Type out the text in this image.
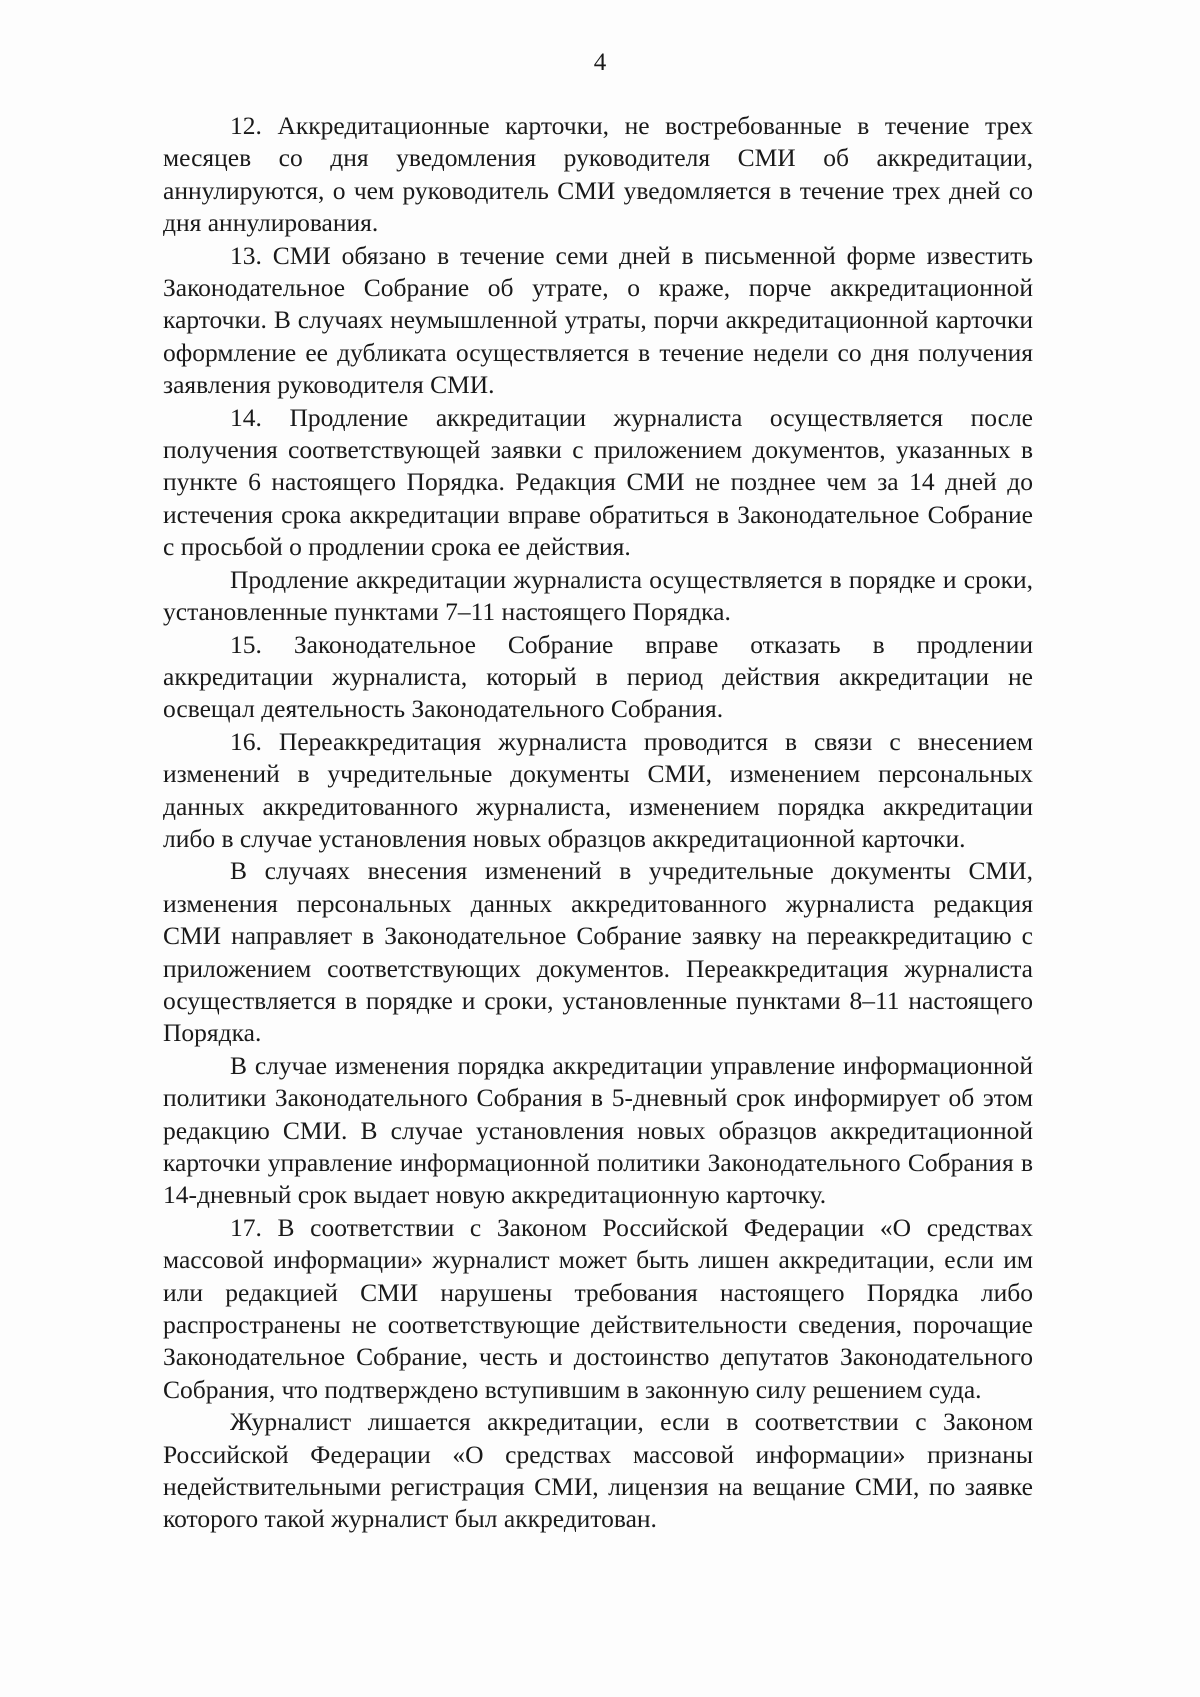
4

12. Аккредитационные карточки, не востребованные в течение трех месяцев со дня уведомления руководителя СМИ об аккредитации, аннулируются, о чем руководитель СМИ уведомляется в течение трех дней со дня аннулирования.

13. СМИ обязано в течение семи дней в письменной форме известить Законодательное Собрание об утрате, о краже, порче аккредитационной карточки. В случаях неумышленной утраты, порчи аккредитационной карточки оформление ее дубликата осуществляется в течение недели со дня получения заявления руководителя СМИ.

14. Продление аккредитации журналиста осуществляется после получения соответствующей заявки с приложением документов, указанных в пункте 6 настоящего Порядка. Редакция СМИ не позднее чем за 14 дней до истечения срока аккредитации вправе обратиться в Законодательное Собрание с просьбой о продлении срока ее действия.

Продление аккредитации журналиста осуществляется в порядке и сроки, установленные пунктами 7–11 настоящего Порядка.

15. Законодательное Собрание вправе отказать в продлении аккредитации журналиста, который в период действия аккредитации не освещал деятельность Законодательного Собрания.

16. Переаккредитация журналиста проводится в связи с внесением изменений в учредительные документы СМИ, изменением персональных данных аккредитованного журналиста, изменением порядка аккредитации либо в случае установления новых образцов аккредитационной карточки.

В случаях внесения изменений в учредительные документы СМИ, изменения персональных данных аккредитованного журналиста редакция СМИ направляет в Законодательное Собрание заявку на переаккредитацию с приложением соответствующих документов. Переаккредитация журналиста осуществляется в порядке и сроки, установленные пунктами 8–11 настоящего Порядка.

В случае изменения порядка аккредитации управление информационной политики Законодательного Собрания в 5-дневный срок информирует об этом редакцию СМИ. В случае установления новых образцов аккредитационной карточки управление информационной политики Законодательного Собрания в 14-дневный срок выдает новую аккредитационную карточку.

17. В соответствии с Законом Российской Федерации «О средствах массовой информации» журналист может быть лишен аккредитации, если им или редакцией СМИ нарушены требования настоящего Порядка либо распространены не соответствующие действительности сведения, порочащие Законодательное Собрание, честь и достоинство депутатов Законодательного Собрания, что подтверждено вступившим в законную силу решением суда.

Журналист лишается аккредитации, если в соответствии с Законом Российской Федерации «О средствах массовой информации» признаны недействительными регистрация СМИ, лицензия на вещание СМИ, по заявке которого такой журналист был аккредитован.
